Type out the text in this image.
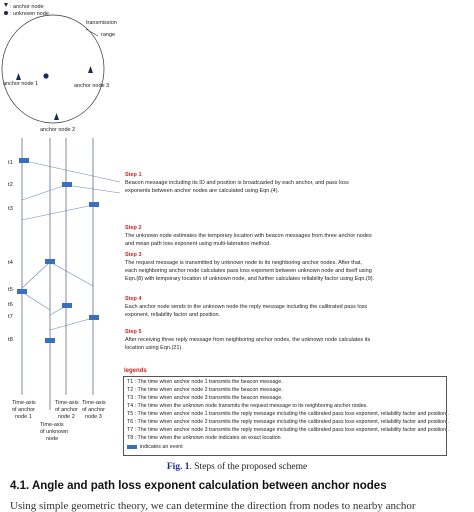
: anchor node
: unknown node
transmission
range
anchor node 1	anchor node 3
anchor node 2
t1
t2
t3
t4
t5
t6
t7
t8
Time-axis
of anchor
node 1
Time-axis
of anchor
node 2
Time-axis
of anchor
node 3
Time-axis
of unknown
node
Step 1
Beacon message including its ID and position is broadcasted by each anchor, and pass loss
exponents between anchor nodes are calculated using Eqn.(4).
Step 2
The unknown node estimates the temporary location with beacon messages from three anchor nodes
and mean path loss exponent using multi-lateration method.
Step 3
The request message is transmitted by unknown node to its neighboring anchor nodes. After that,
each neighboring anchor node calculates pass loss exponent between unknown node and itself using
Eqn.(8) with temporary location of unknown node, and further calculates reliability factor using Eqn.(9).
Step 4
Each anchor node sends to the unknown node the reply message including the calibrated pass loss
exponent, reliability factor and position.
Step 5
After receiving three reply message from neighboring anchor nodes, the unknown node calculates its
location using Eqn.(21).
legends
T1 : The time when anchor node 1 transmits the beacon message.
T2 : The time when anchor node 2 transmits the beacon message.
T3 : The time when anchor node 3 transmits the beacon message.
T4 : The time when the unknown node transmits the request message to its neighboring anchor nodes.
T5 : The time when anchor node 1 transmits the reply message including the calibrated pass loss exponent, reliability factor and position .
T6 : The time when anchor node 2 transmits the reply message including the calibrated pass loss exponent, reliability factor and position .
T7 : The time when anchor node 3 transmits the reply message including the calibrated pass loss exponent, reliability factor and position .
T8 : The time when the unknown node indicates an exact location
indicates an event
Fig. 1. Steps of the proposed scheme
4.1. Angle and path loss exponent calculation between anchor nodes
Using simple geometric theory, we can determine the direction from nodes to nearby anchor
